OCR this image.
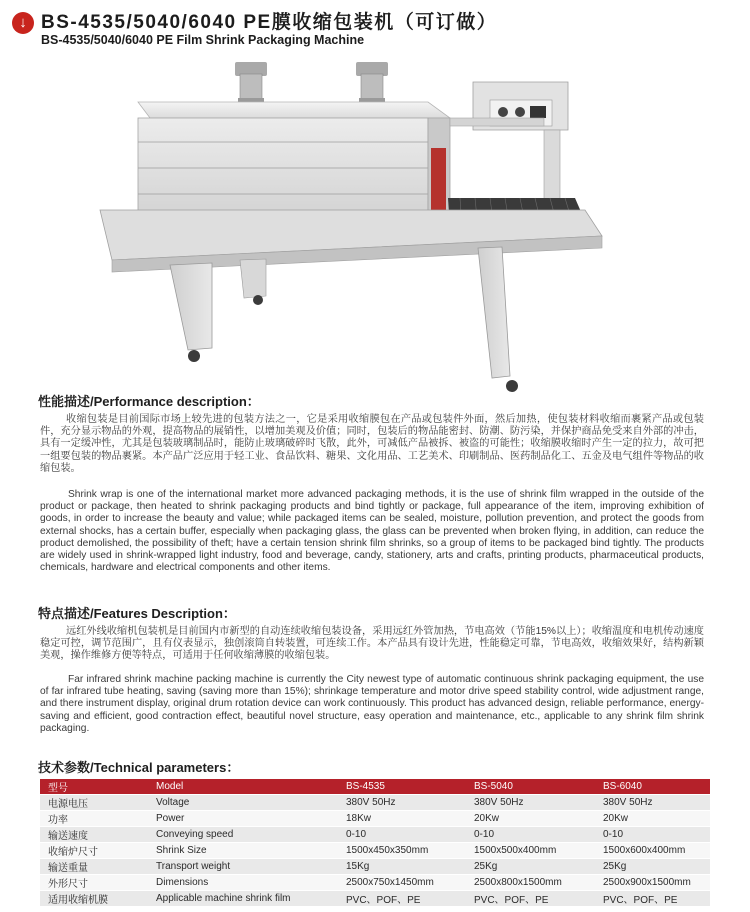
↓ BS-4535/5040/6040 PE膜收缩包装机（可订做）
BS-4535/5040/6040 PE Film Shrink Packaging Machine
性能描述/Performance description：
收缩包装是目前国际市场上较先进的包装方法之一，它是采用收缩膜包在产品或包装件外面，然后加热，使包装材料收缩而裹紧产品或包装件，充分显示物品的外观，提高物品的展销性，以增加美观及价值；同时，包装后的物品能密封、防潮、防污染，并保护商品免受来自外部的冲击，具有一定缓冲性，尤其是包装玻璃制品时，能防止玻璃破碎时飞散，此外，可减低产品被拆、被盗的可能性；收缩膜收缩时产生一定的拉力，故可把一组要包装的物品裹紧。本产品广泛应用于轻工业、食品饮料、糖果、文化用品、工艺美术、印刷制品、医药制品化工、五金及电气组件等物品的收缩包装。
Shrink wrap is one of the international market more advanced packaging methods, it is the use of shrink film wrapped in the outside of the product or package, then heated to shrink packaging products and bind tightly or package, full appearance of the item, improving exhibition of goods, in order to increase the beauty and value; while packaged items can be sealed, moisture, pollution prevention, and protect the goods from external shocks, has a certain buffer, especially when packaging glass, the glass can be prevented when broken flying, in addition, can reduce the product demolished, the possibility of theft; have a certain tension shrink film shrinks, so a group of items to be packaged bind tightly. The products are widely used in shrink-wrapped light industry, food and beverage, candy, stationery, arts and crafts, printing products, pharmaceutical products, chemicals, hardware and electrical components and other items.
特点描述/Features Description：
远红外线收缩机包装机是目前国内市新型的自动连续收缩包装设备，采用远红外管加热，节电高效（节能15%以上）；收缩温度和电机传动速度稳定可控，调节范围广，且有仪表显示，独创滚筒自转装置，可连续工作。本产品具有设计先进，性能稳定可靠，节电高效，收缩效果好，结构新颖美观，操作维修方便等特点，可适用于任何收缩薄膜的收缩包装。
Far infrared shrink machine packing machine is currently the City newest type of automatic continuous shrink packaging equipment, the use of far infrared tube heating, saving (saving more than 15%); shrinkage temperature and motor drive speed stability control, wide adjustment range, and there instrument display, original drum rotation device can work continuously. This product has advanced design, reliable performance, energy-saving and efficient, good contraction effect, beautiful novel structure, easy operation and maintenance, etc., applicable to any shrink film shrink packaging.
技术参数/Technical parameters：
型号	Model	BS-4535	BS-5040	BS-6040
电源电压	Voltage	380V 50Hz	380V 50Hz	380V 50Hz
功率	Power	18Kw	20Kw	20Kw
输送速度	Conveying speed	0-10	0-10	0-10
收缩炉尺寸	Shrink Size	1500x450x350mm	1500x500x400mm	1500x600x400mm
输送重量	Transport weight	15Kg	25Kg	25Kg
外形尺寸	Dimensions	2500x750x1450mm	2500x800x1500mm	2500x900x1500mm
适用收缩机膜	Applicable machine shrink film	PVC、POF、PE	PVC、POF、PE	PVC、POF、PE
